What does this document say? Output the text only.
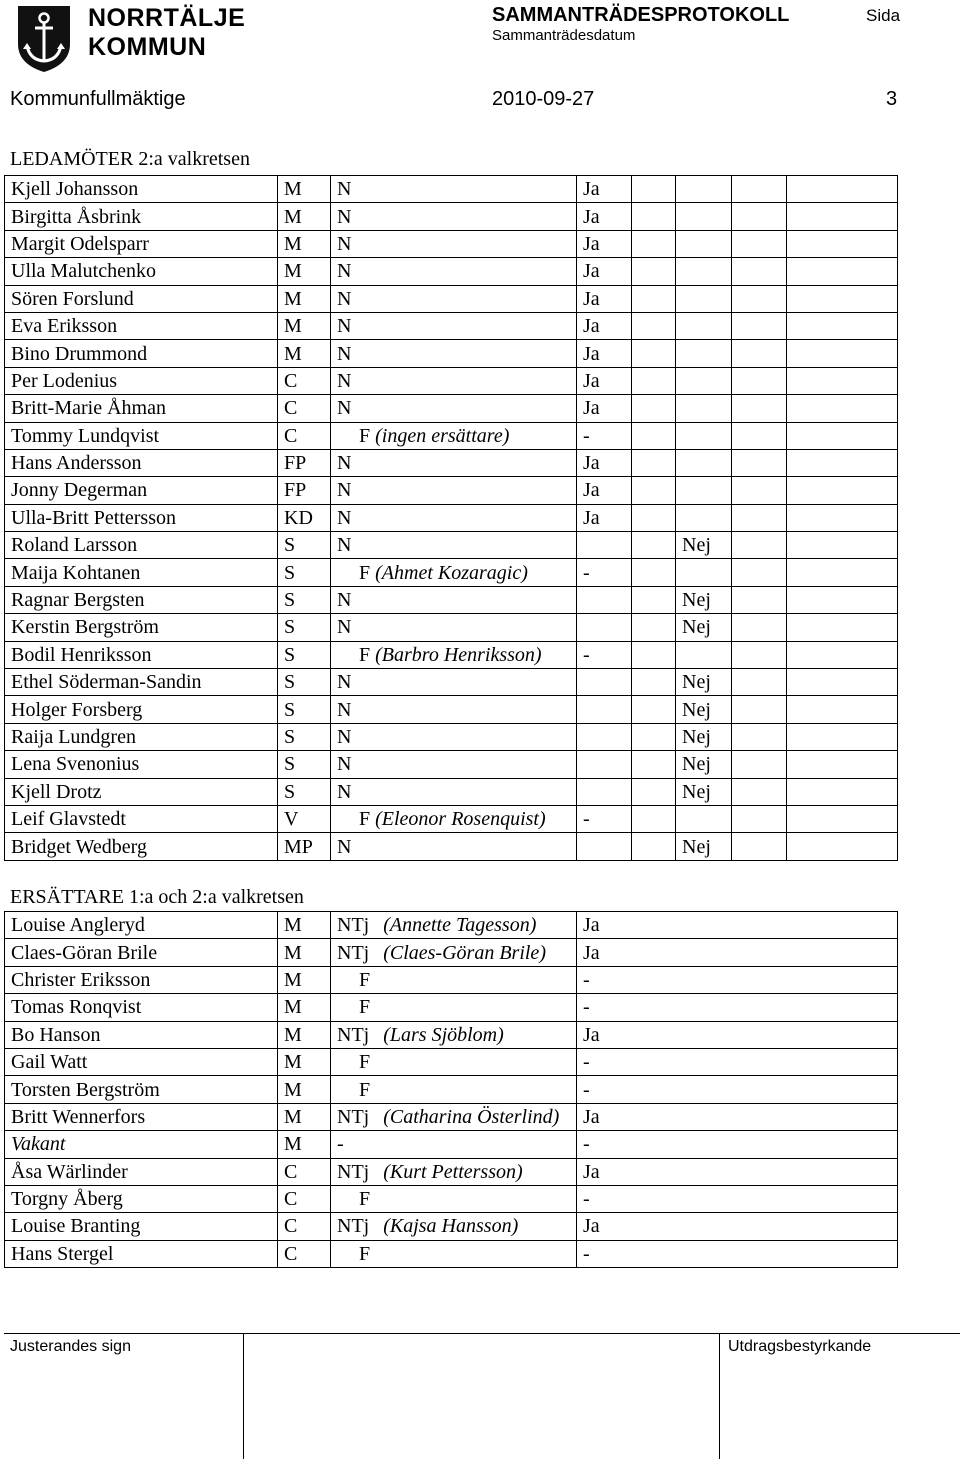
NORRTÄLJE
KOMMUN
SAMMANTRÄDESPROTOKOLL	Sida
Sammanträdesdatum
Kommunfullmäktige	2010-09-27	3
LEDAMÖTER 2:a valkretsen
Kjell Johansson	M	N	Ja				
Birgitta Åsbrink	M	N	Ja				
Margit Odelsparr	M	N	Ja				
Ulla Malutchenko	M	N	Ja				
Sören Forslund	M	N	Ja				
Eva Eriksson	M	N	Ja				
Bino Drummond	M	N	Ja				
Per Lodenius	C	N	Ja				
Britt-Marie Åhman	C	N	Ja				
Tommy Lundqvist	C	F (ingen ersättare)	-				
Hans Andersson	FP	N	Ja				
Jonny Degerman	FP	N	Ja				
Ulla-Britt Pettersson	KD	N	Ja				
Roland Larsson	S	N			Nej		
Maija Kohtanen	S	F (Ahmet Kozaragic)	-				
Ragnar Bergsten	S	N			Nej		
Kerstin Bergström	S	N			Nej		
Bodil Henriksson	S	F (Barbro Henriksson)	-				
Ethel Söderman-Sandin	S	N			Nej		
Holger Forsberg	S	N			Nej		
Raija Lundgren	S	N			Nej		
Lena Svenonius	S	N			Nej		
Kjell Drotz	S	N			Nej		
Leif Glavstedt	V	F (Eleonor Rosenquist)	-				
Bridget Wedberg	MP	N			Nej		
ERSÄTTARE 1:a och 2:a valkretsen
Louise Angleryd	M	NTj (Annette Tagesson)	Ja
Claes-Göran Brile	M	NTj (Claes-Göran Brile)	Ja
Christer Eriksson	M	F	-
Tomas Ronqvist	M	F	-
Bo Hanson	M	NTj (Lars Sjöblom)	Ja
Gail Watt	M	F	-
Torsten Bergström	M	F	-
Britt Wennerfors	M	NTj (Catharina Österlind)	Ja
Vakant	M	-	-
Åsa Wärlinder	C	NTj (Kurt Pettersson)	Ja
Torgny Åberg	C	F	-
Louise Branting	C	NTj (Kajsa Hansson)	Ja
Hans Stergel	C	F	-
Justerandes sign	Utdragsbestyrkande
